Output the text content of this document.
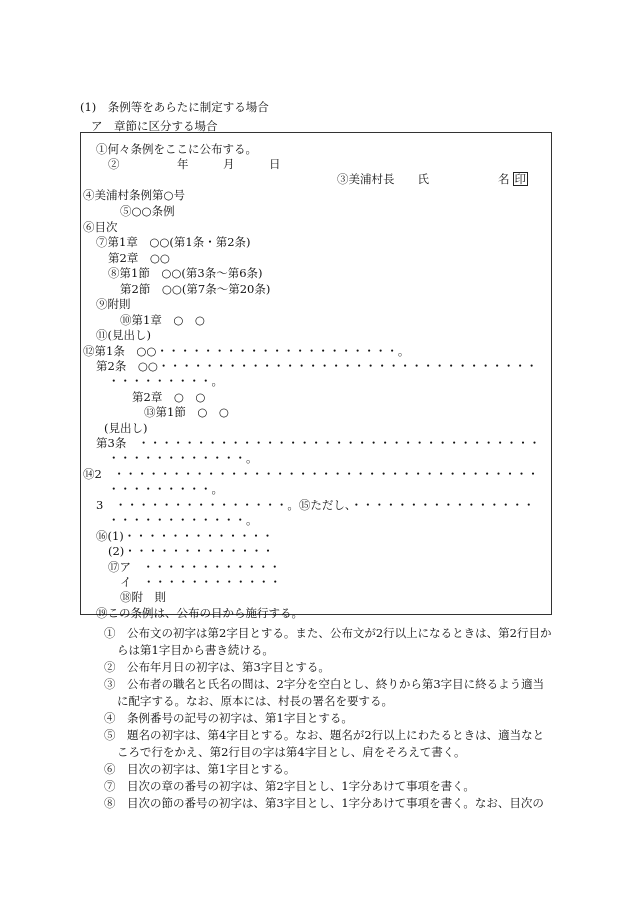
(1)　条例等をあらたに制定する場合
ア　章節に区分する場合
①何々条例をここに公布する。
②　　　　　年　　　月　　　日
③美浦村長　　氏　　　　　　名 印
④美浦村条例第○号
⑤○○条例
⑥目次
⑦第1章　○○(第1条・第2条)
第2章　○○
⑧第1節　○○(第3条～第6条)
第2節　○○(第7条～第20条)
⑨附則
⑩第1章　○　○
⑪(見出し)
⑫第1条　○○・・・・・・・・・・・・・・・・・・・・・。
第2条　○○・・・・・・・・・・・・・・・・・・・・・・・・・・・・・・・・・
・・・・・・・・・。
第2章　○　○
⑬第1節　○　○
(見出し)
第3条　・・・・・・・・・・・・・・・・・・・・・・・・・・・・・・・・・・・
・・・・・・・・・・・・。
⑭2　・・・・・・・・・・・・・・・・・・・・・・・・・・・・・・・・・・・・・
・・・・・・・・・。
3　・・・・・・・・・・・・・・・。⑮ただし、・・・・・・・・・・・・・・・・
・・・・・・・・・・・・。
⑯(1)・・・・・・・・・・・・・
(2)・・・・・・・・・・・・・
⑰ア　・・・・・・・・・・・・
イ　・・・・・・・・・・・・
⑱附　則
⑲この条例は、公布の日から施行する。
①　公布文の初字は第2字目とする。また、公布文が2行以上になるときは、第2行目か
らは第1字目から書き続ける。
②　公布年月日の初字は、第3字目とする。
③　公布者の職名と氏名の間は、2字分を空白とし、終りから第3字目に終るよう適当
に配字する。なお、原本には、村長の署名を要する。
④　条例番号の記号の初字は、第1字目とする。
⑤　題名の初字は、第4字目とする。なお、題名が2行以上にわたるときは、適当なと
ころで行をかえ、第2行目の字は第4字目とし、肩をそろえて書く。
⑥　目次の初字は、第1字目とする。
⑦　目次の章の番号の初字は、第2字目とし、1字分あけて事項を書く。
⑧　目次の節の番号の初字は、第3字目とし、1字分あけて事項を書く。なお、目次の
